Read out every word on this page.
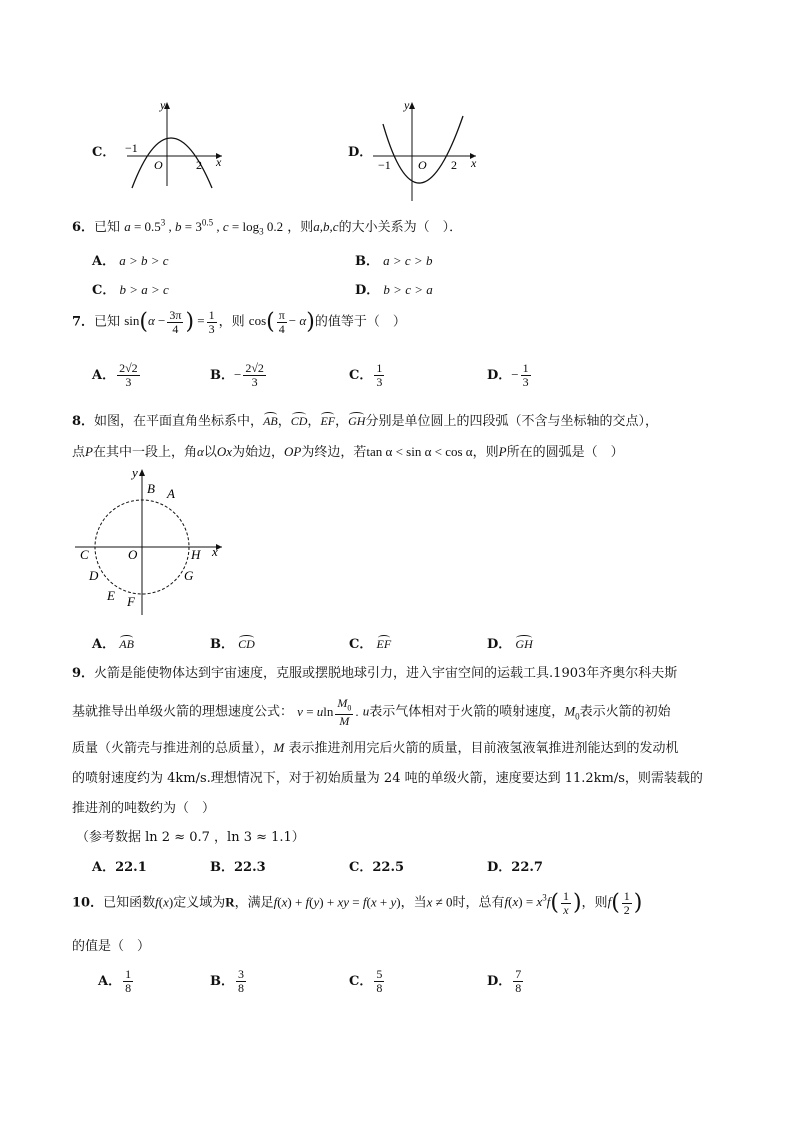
C．
y
x
−1
O	2
D．
y
x
−1 O 2
6．已知 $a = 0.5^3$ , $b = 3^{0.5}$ , $c = \log_3 0.2$ ，则a,b,c的大小关系为（　）．
A． a > b > c	B． a > c > b
C． b > a > c	D． b > c > a
7．已知 $\sin(\alpha - \frac{3\pi}{4}$ ) = $\frac{1}{3}$ ，则 $\cos( \frac{\pi}{4} - \alpha)$的值等于（　）
A． $\frac{2√2}{3}$	B．− $\frac{2√2}{3}$	C． $\frac{1}{3}$	D．− $\frac{1}{3}$
8．如图，在平面直角坐标系中，AB，CD，EF，GH分别是单位圆上的四段弧（不含与坐标轴的交点），
点P在其中一段上，角α以Ox为始边，OP为终边，若tan α < sin α < cos α，则P所在的圆弧是（　）
y
x
B A
C	O	H
D	G
E F
A． AB	B． CD	C． EF	D． GH
9．火箭是能使物体达到宇宙速度，克服或摆脱地球引力，进入宇宙空间的运载工具.1903年齐奥尔科夫斯
基就推导出单级火箭的理想速度公式： v = uln $\frac{M_0}{M}$ . u表示气体相对于火箭的喷射速度，$M_0$表示火箭的初始
质量（火箭壳与推进剂的总质量），M 表示推进剂用完后火箭的质量，目前液氢液氧推进剂能达到的发动机
的喷射速度约为 4km/s.理想情况下，对于初始质量为 24 吨的单级火箭，速度要达到 11.2km/s，则需装载的
推进剂的吨数约为（　）
（参考数据 ln 2 ≈ 0.7 ，ln 3 ≈ 1.1）
A．22.1	B．22.3	C．22.5	D．22.7
10．已知函数f(x)定义域为R，满足f(x) + f(y) + xy = f(x + y)，当x ≠ 0时，总有$f(x) = x^3f( \frac{1}{x}$ )，则$f( \frac{1}{2}$ )
的值是（　）
A． $\frac{1}{8}$	B． $\frac{3}{8}$	C． $\frac{5}{8}$	D． $\frac{7}{8}$
